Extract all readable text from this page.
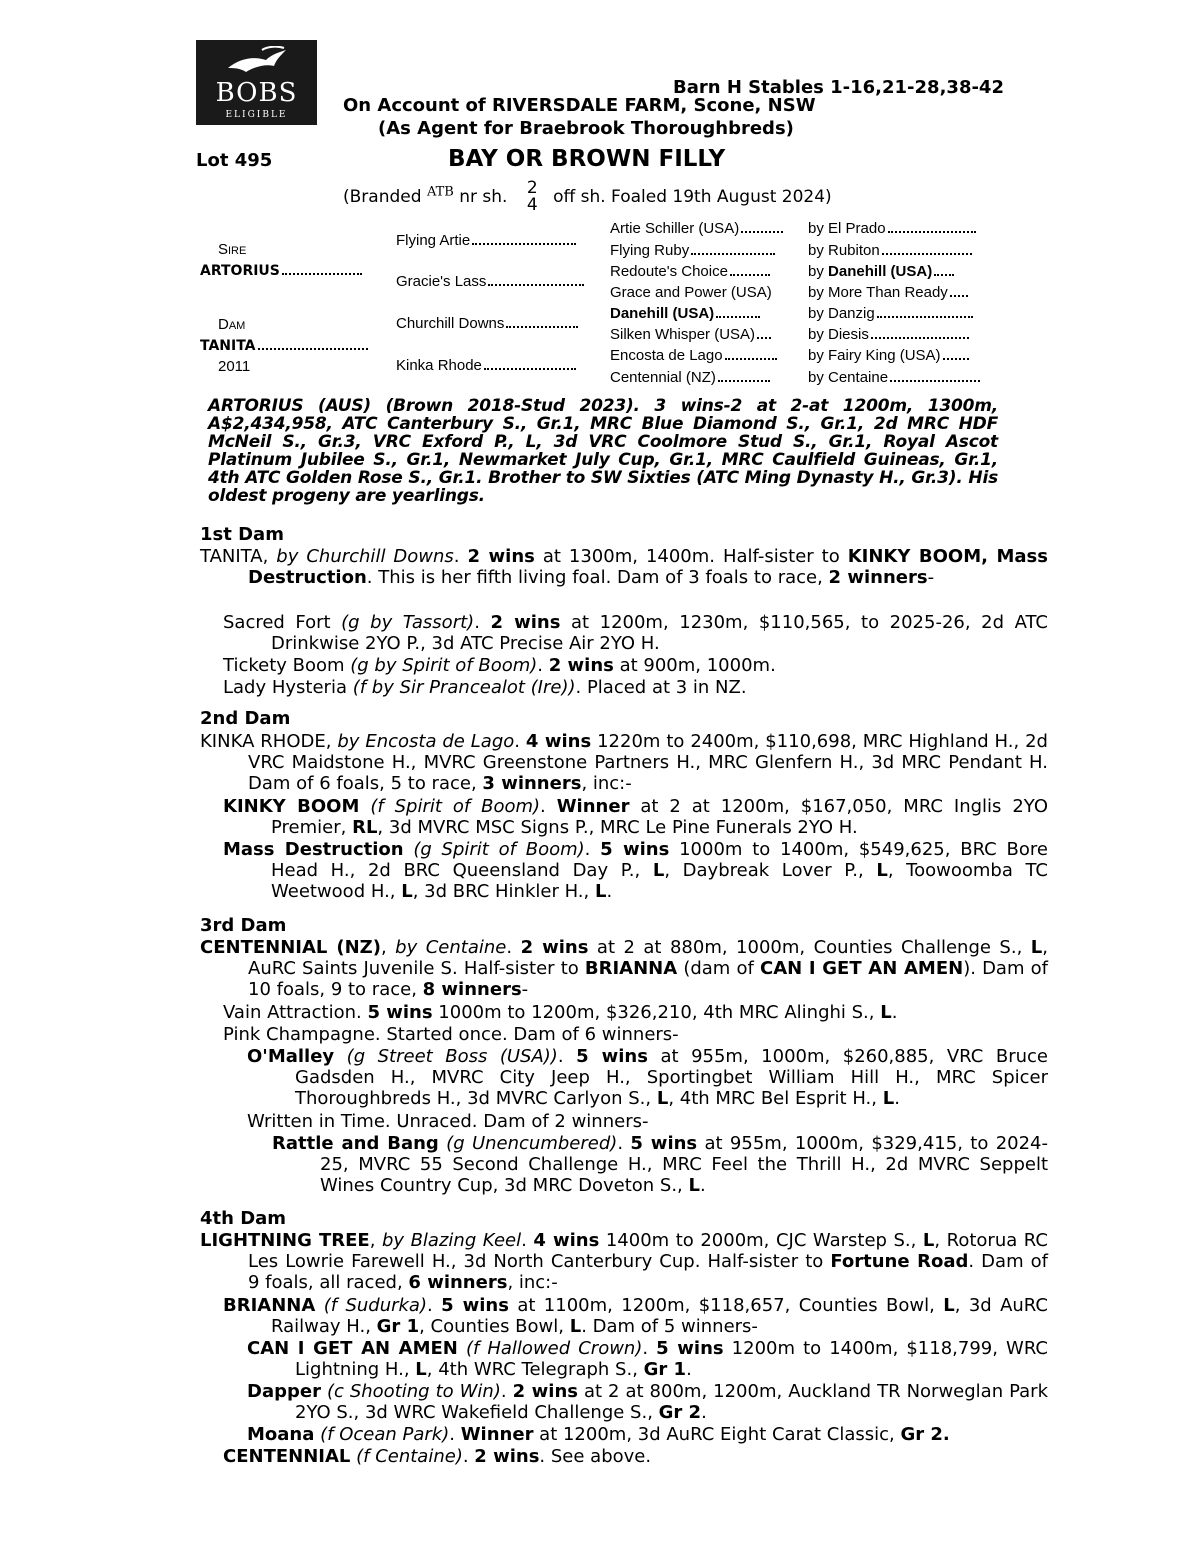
BOBS
ELIGIBLE
Barn H Stables 1-16,21-28,38-42
On Account of RIVERSDALE FARM, Scone, NSW
(As Agent for Braebrook Thoroughbreds)
Lot 495	BAY OR BROWN FILLY
(Branded $^{ATB}$ nr sh. 2
4 off sh. Foaled 19th August 2024)
Sire
ARTORIUS
Dam
TANITA
2011
Flying Artie
Gracie's Lass
Churchill Downs
Kinka Rhode
Artie Schiller (USA)	by El Prado
Flying Ruby	by Rubiton
Redoute's Choice	by Danehill (USA)
Grace and Power (USA) by More Than Ready
Danehill (USA)	by Danzig
Silken Whisper (USA)	by Diesis
Encosta de Lago	by Fairy King (USA)
Centennial (NZ)	by Centaine
ARTORIUS (AUS) (Brown 2018-Stud 2023). 3 wins-2 at 2-at 1200m, 1300m, A$2,434,958, ATC Canterbury S., Gr.1, MRC Blue Diamond S., Gr.1, 2d MRC HDF McNeil S., Gr.3, VRC Exford P., L, 3d VRC Coolmore Stud S., Gr.1, Royal Ascot Platinum Jubilee S., Gr.1, Newmarket July Cup, Gr.1, MRC Caulfield Guineas, Gr.1, 4th ATC Golden Rose S., Gr.1. Brother to SW Sixties (ATC Ming Dynasty H., Gr.3). His oldest progeny are yearlings.
1st Dam
TANITA, by Churchill Downs. 2 wins at 1300m, 1400m. Half-sister to KINKY BOOM, Mass Destruction. This is her fifth living foal. Dam of 3 foals to race, 2 winners-
Sacred Fort (g by Tassort). 2 wins at 1200m, 1230m, $110,565, to 2025-26, 2d ATC Drinkwise 2YO P., 3d ATC Precise Air 2YO H.
Tickety Boom (g by Spirit of Boom). 2 wins at 900m, 1000m.
Lady Hysteria (f by Sir Prancealot (Ire)). Placed at 3 in NZ.
2nd Dam
KINKA RHODE, by Encosta de Lago. 4 wins 1220m to 2400m, $110,698, MRC Highland H., 2d VRC Maidstone H., MVRC Greenstone Partners H., MRC Glenfern H., 3d MRC Pendant H. Dam of 6 foals, 5 to race, 3 winners, inc:-
KINKY BOOM (f Spirit of Boom). Winner at 2 at 1200m, $167,050, MRC Inglis 2YO Premier, RL, 3d MVRC MSC Signs P., MRC Le Pine Funerals 2YO H.
Mass Destruction (g Spirit of Boom). 5 wins 1000m to 1400m, $549,625, BRC Bore Head H., 2d BRC Queensland Day P., L, Daybreak Lover P., L, Toowoomba TC Weetwood H., L, 3d BRC Hinkler H., L.
3rd Dam
CENTENNIAL (NZ), by Centaine. 2 wins at 2 at 880m, 1000m, Counties Challenge S., L, AuRC Saints Juvenile S. Half-sister to BRIANNA (dam of CAN I GET AN AMEN). Dam of 10 foals, 9 to race, 8 winners-
Vain Attraction. 5 wins 1000m to 1200m, $326,210, 4th MRC Alinghi S., L.
Pink Champagne. Started once. Dam of 6 winners-
O'Malley (g Street Boss (USA)). 5 wins at 955m, 1000m, $260,885, VRC Bruce Gadsden H., MVRC City Jeep H., Sportingbet William Hill H., MRC Spicer Thoroughbreds H., 3d MVRC Carlyon S., L, 4th MRC Bel Esprit H., L.
Written in Time. Unraced. Dam of 2 winners-
Rattle and Bang (g Unencumbered). 5 wins at 955m, 1000m, $329,415, to 2024-25, MVRC 55 Second Challenge H., MRC Feel the Thrill H., 2d MVRC Seppelt Wines Country Cup, 3d MRC Doveton S., L.
4th Dam
LIGHTNING TREE, by Blazing Keel. 4 wins 1400m to 2000m, CJC Warstep S., L, Rotorua RC Les Lowrie Farewell H., 3d North Canterbury Cup. Half-sister to Fortune Road. Dam of 9 foals, all raced, 6 winners, inc:-
BRIANNA (f Sudurka). 5 wins at 1100m, 1200m, $118,657, Counties Bowl, L, 3d AuRC Railway H., Gr 1, Counties Bowl, L. Dam of 5 winners-
CAN I GET AN AMEN (f Hallowed Crown). 5 wins 1200m to 1400m, $118,799, WRC Lightning H., L, 4th WRC Telegraph S., Gr 1.
Dapper (c Shooting to Win). 2 wins at 2 at 800m, 1200m, Auckland TR Norweglan Park 2YO S., 3d WRC Wakefield Challenge S., Gr 2.
Moana (f Ocean Park). Winner at 1200m, 3d AuRC Eight Carat Classic, Gr 2.
CENTENNIAL (f Centaine). 2 wins. See above.
